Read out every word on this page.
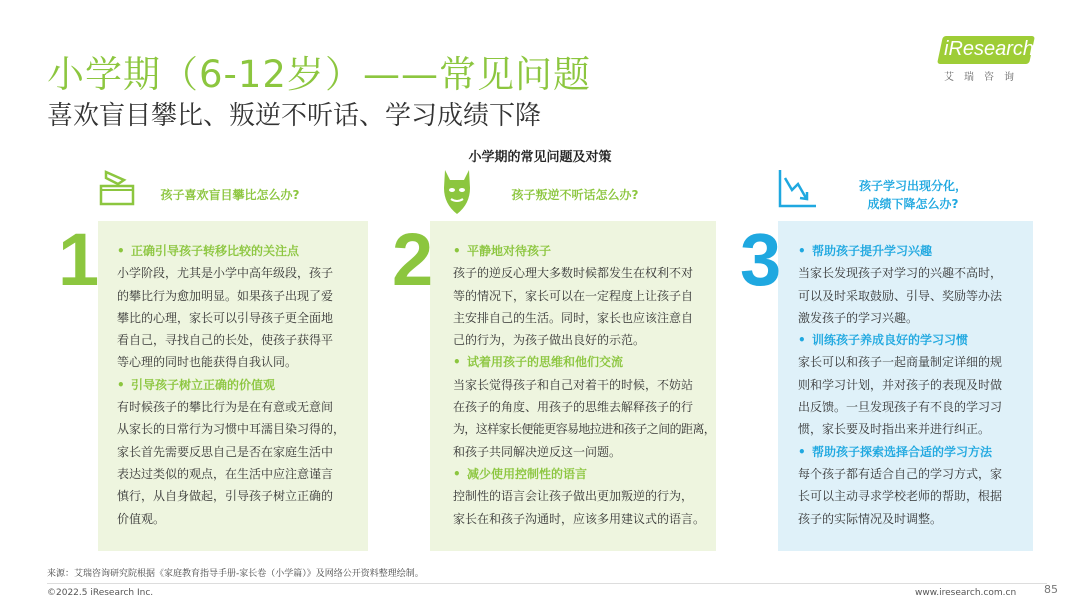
小学期（6-12岁）——常见问题
喜欢盲目攀比、叛逆不听话、学习成绩下降
iResearch
艾瑞咨询
小学期的常见问题及对策
孩子喜欢盲目攀比怎么办?
1 • 正确引导孩子转移比较的关注点
小学阶段，尤其是小学中高年级段，孩子
的攀比行为愈加明显。如果孩子出现了爱
攀比的心理，家长可以引导孩子更全面地
看自己，寻找自己的长处，使孩子获得平
等心理的同时也能获得自我认同。
• 引导孩子树立正确的价值观
有时候孩子的攀比行为是在有意或无意间
从家长的日常行为习惯中耳濡目染习得的，
家长首先需要反思自己是否在家庭生活中
表达过类似的观点，在生活中应注意谨言
慎行，从自身做起，引导孩子树立正确的
价值观。
孩子叛逆不听话怎么办?
2 • 平静地对待孩子
孩子的逆反心理大多数时候都发生在权利不对
等的情况下，家长可以在一定程度上让孩子自
主安排自己的生活。同时，家长也应该注意自
己的行为，为孩子做出良好的示范。
• 试着用孩子的思维和他们交流
当家长觉得孩子和自己对着干的时候，不妨站
在孩子的角度、用孩子的思维去解释孩子的行
为，这样家长便能更容易地拉进和孩子之间的距离，
和孩子共同解决逆反这一问题。
• 减少使用控制性的语言
控制性的语言会让孩子做出更加叛逆的行为，
家长在和孩子沟通时，应该多用建议式的语言。
孩子学习出现分化，
成绩下降怎么办?
3 • 帮助孩子提升学习兴趣
当家长发现孩子对学习的兴趣不高时，
可以及时采取鼓励、引导、奖励等办法
激发孩子的学习兴趣。
• 训练孩子养成良好的学习习惯
家长可以和孩子一起商量制定详细的规
则和学习计划，并对孩子的表现及时做
出反馈。一旦发现孩子有不良的学习习
惯，家长要及时指出来并进行纠正。
• 帮助孩子探索选择合适的学习方法
每个孩子都有适合自己的学习方式，家
长可以主动寻求学校老师的帮助，根据
孩子的实际情况及时调整。
来源：艾瑞咨询研究院根据《家庭教育指导手册-家长卷（小学篇）》及网络公开资料整理绘制。
©2022.5 iResearch Inc.	www.iresearch.com.cn	85
